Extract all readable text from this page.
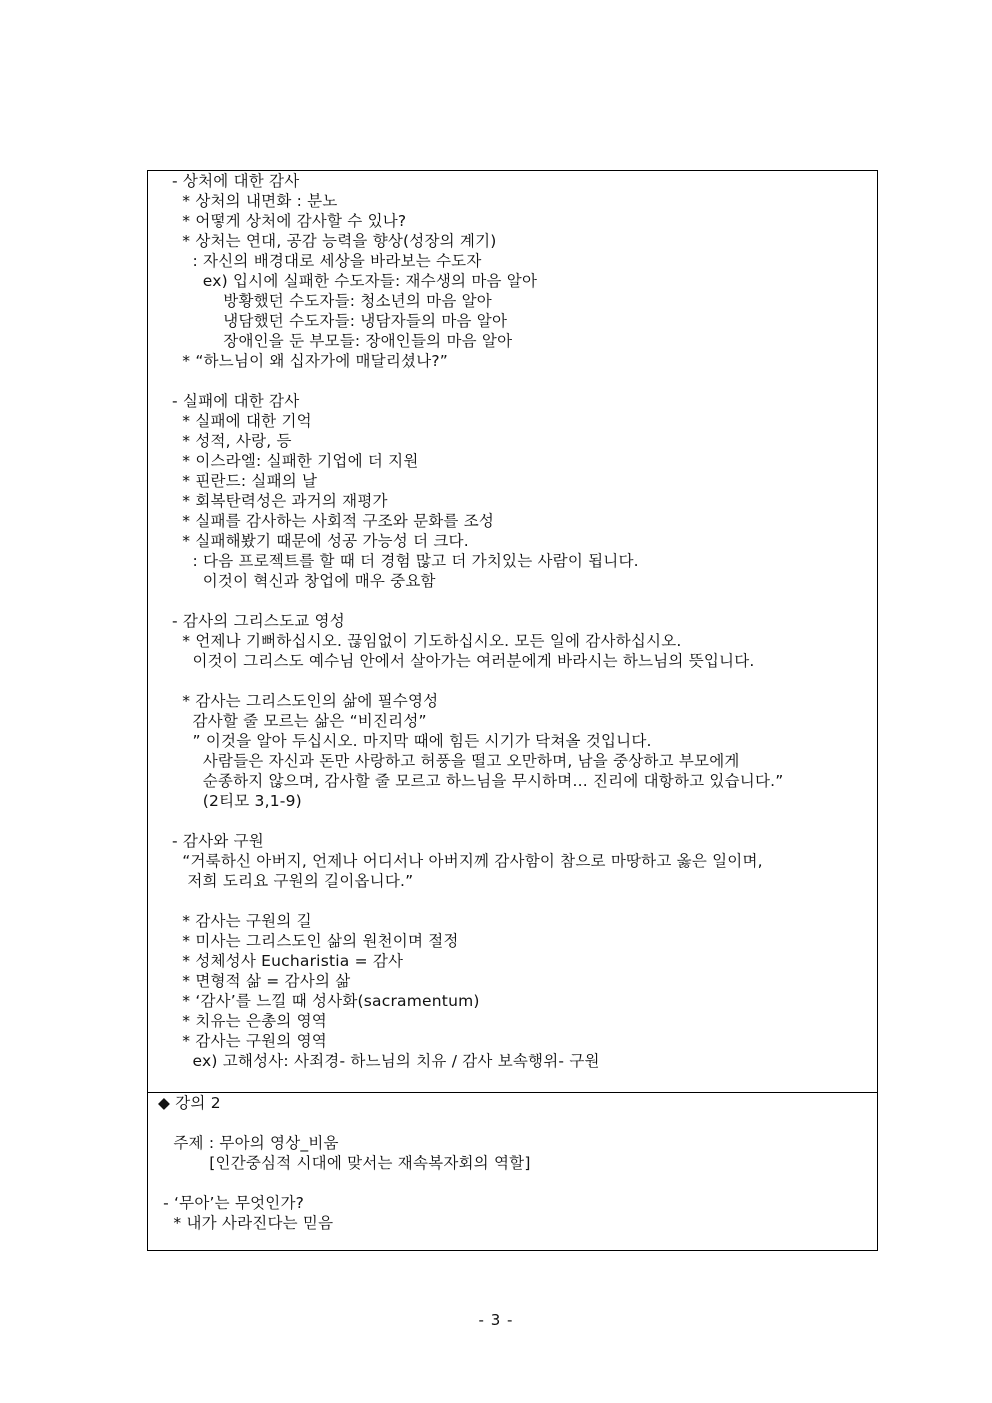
- 상처에 대한 감사
* 상처의 내면화 : 분노
* 어떻게 상처에 감사할 수 있나?
* 상처는 연대, 공감 능력을 향상(성장의 계기)
: 자신의 배경대로 세상을 바라보는 수도자
ex) 입시에 실패한 수도자들: 재수생의 마음 알아
방황했던 수도자들: 청소년의 마음 알아
냉담했던 수도자들: 냉담자들의 마음 알아
장애인을 둔 부모들: 장애인들의 마음 알아
* “하느님이 왜 십자가에 매달리셨나?”
- 실패에 대한 감사
* 실패에 대한 기억
* 성적, 사랑, 등
* 이스라엘: 실패한 기업에 더 지원
* 핀란드: 실패의 날
* 회복탄력성은 과거의 재평가
* 실패를 감사하는 사회적 구조와 문화를 조성
* 실패해봤기 때문에 성공 가능성 더 크다.
: 다음 프로젝트를 할 때 더 경험 많고 더 가치있는 사람이 됩니다.
이것이 혁신과 창업에 매우 중요함
- 감사의 그리스도교 영성
* 언제나 기뻐하십시오. 끊임없이 기도하십시오. 모든 일에 감사하십시오.
이것이 그리스도 예수님 안에서 살아가는 여러분에게 바라시는 하느님의 뜻입니다.
* 감사는 그리스도인의 삶에 필수영성
감사할 줄 모르는 삶은 “비진리성”
” 이것을 알아 두십시오. 마지막 때에 힘든 시기가 닥쳐올 것입니다.
사람들은 자신과 돈만 사랑하고 허풍을 떨고 오만하며, 남을 중상하고 부모에게
순종하지 않으며, 감사할 줄 모르고 하느님을 무시하며... 진리에 대항하고 있습니다.”
(2티모 3,1-9)
- 감사와 구원
“거룩하신 아버지, 언제나 어디서나 아버지께 감사함이 참으로 마땅하고 옳은 일이며,
저희 도리요 구원의 길이옵니다.”
* 감사는 구원의 길
* 미사는 그리스도인 삶의 원천이며 절정
* 성체성사 Eucharistia = 감사
* 면형적 삶 = 감사의 삶
* ‘감사’를 느낄 때 성사화(sacramentum)
* 치유는 은총의 영역
* 감사는 구원의 영역
ex) 고해성사: 사죄경- 하느님의 치유 / 감사 보속행위- 구원
◆ 강의 2
주제 : 무아의 영상_비움
[인간중심적 시대에 맞서는 재속복자회의 역할]
- ‘무아’는 무엇인가?
* 내가 사라진다는 믿음
- 3 -
